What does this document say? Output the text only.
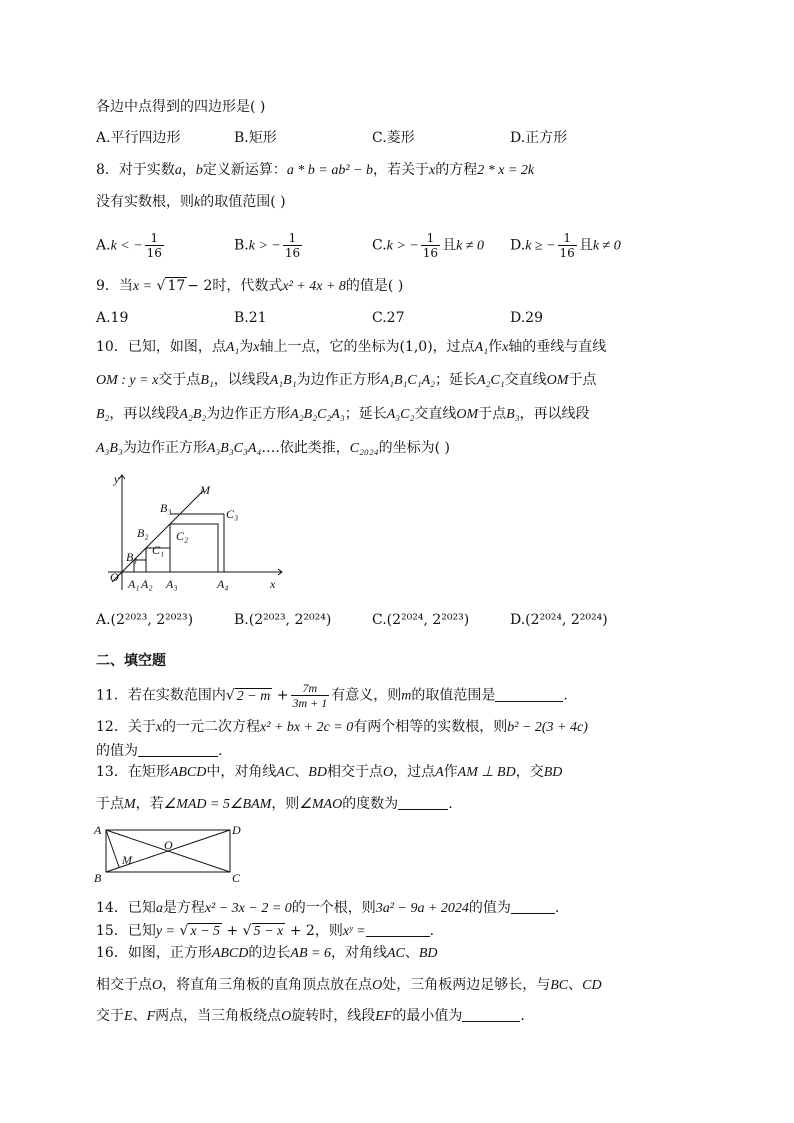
各边中点得到的四边形是( )
A.平行四边形	B.矩形	C.菱形	D.正方形
8．对于实数a，b定义新运算：a * b = ab² − b，若关于x的方程2 * x = 2k
没有实数根，则k的取值范围( )
A.k < − $\frac{1}{16}$	B.k > − $\frac{1}{16}$	C.k > − $\frac{1}{16}$ 且k ≠ 0 D.k ≥ − $\frac{1}{16}$ 且k ≠ 0
9．当x = √ 17 − 2时，代数式x² + 4x + 8的值是( )
A.19	B.21	C.27	D.29
10．已知，如图，点A₁为x轴上一点，它的坐标为(1,0)，过点A₁作x轴的垂线与直线
OM : y = x交于点B₁，以线段A₁B₁为边作正方形A₁B₁C₁A₂；延长A₂C₁交直线OM于点
B₂，再以线段A₂B₂为边作正方形A₂B₂C₂A₃；延长A₃C₂交直线OM于点B₃，再以线段
A₃B₃为边作正方形A₃B₃C₃A₄….依此类推，C₂₀₂₄的坐标为( )
y
x
O
M
B₁
B₂
B₃
C₁
C₂
C₃
A₁ A₂ A₃	A₄
A.(2²⁰²³, 2²⁰²³)	B.(2²⁰²³, 2²⁰²⁴)	C.(2²⁰²⁴, 2²⁰²³)	D.(2²⁰²⁴, 2²⁰²⁴)
二、填空题
11．若在实数范围内√ $2 - m + \frac{7m}{3m + 1}$ 有意义，则m的取值范围是	.
12．关于x的一元二次方程x² + bx + 2c = 0有两个相等的实数根，则b² − 2(3 + 4c)
的值为	.
13．在矩形ABCD中，对角线AC、BD相交于点O，过点A作AM ⊥ BD，交BD
于点M，若∠MAD = 5∠BAM，则∠MAO的度数为	.
A
B	C
D
O
M
14．已知a是方程x² − 3x − 2 = 0的一个根，则3a² − 9a + 2024的值为	.
15．已知y = √ x − 5 + √ 5 − x + 2，则xʸ =	.
16．如图，正方形ABCD的边长AB = 6，对角线AC、BD
相交于点O，将直角三角板的直角顶点放在点O处，三角板两边足够长，与BC、CD
交于E、F两点，当三角板绕点O旋转时，线段EF的最小值为	.
